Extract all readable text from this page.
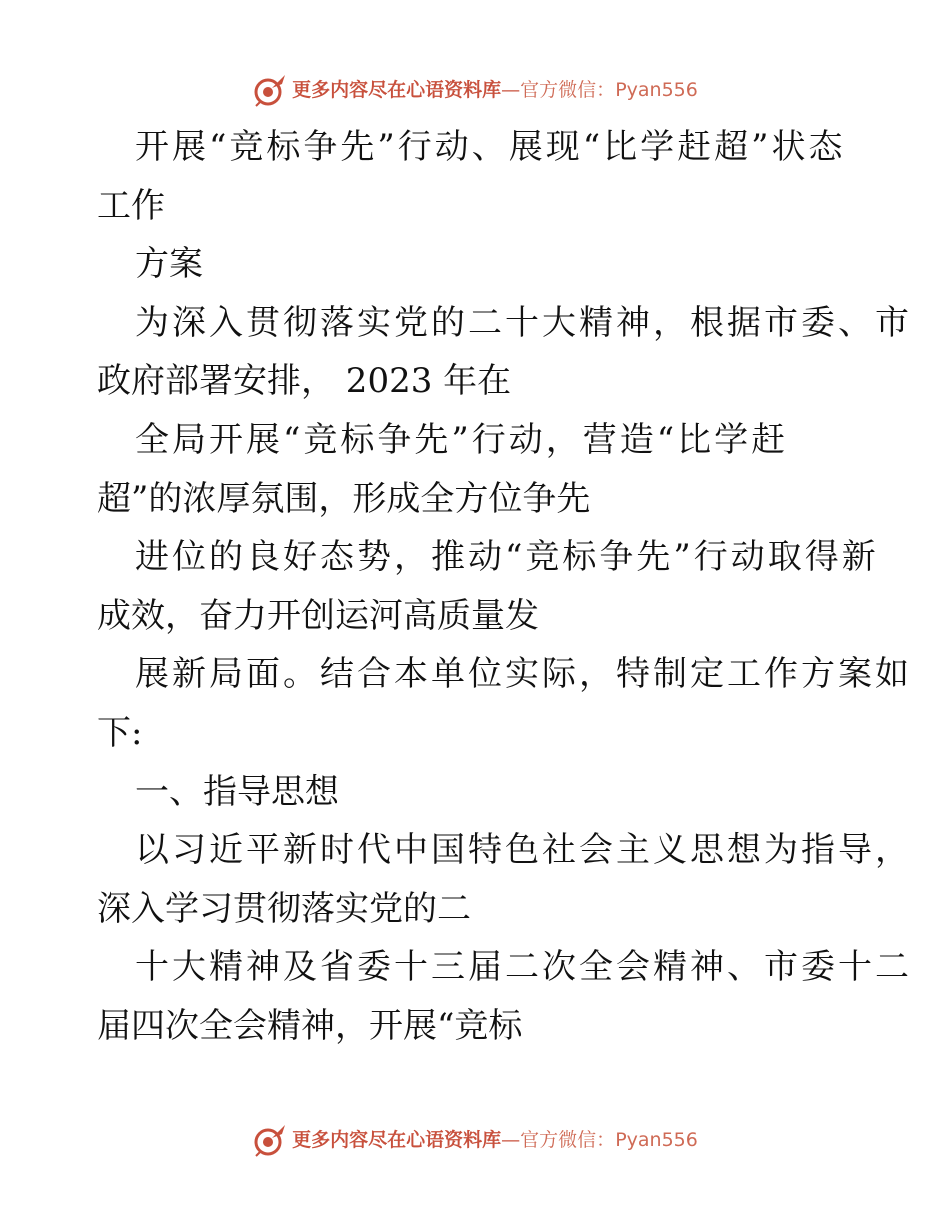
更多内容尽在心语资料库 — 官方微信： Pyan556
开展“竞标争先”行动、展现“比学赶超”状态
工作
方案
为深入贯彻落实党的二十大精神，根据市委、市
政府部署安排， 2023 年在
全局开展“竞标争先”行动，营造“比学赶
超”的浓厚氛围，形成全方位争先
进位的良好态势，推动“竞标争先”行动取得新
成效，奋力开创运河高质量发
展新局面。结合本单位实际，特制定工作方案如
下:
一、指导思想
以习近平新时代中国特色社会主义思想为指导，
深入学习贯彻落实党的二
十大精神及省委十三届二次全会精神、市委十二
届四次全会精神，开展“竞标
更多内容尽在心语资料库 — 官方微信： Pyan556
